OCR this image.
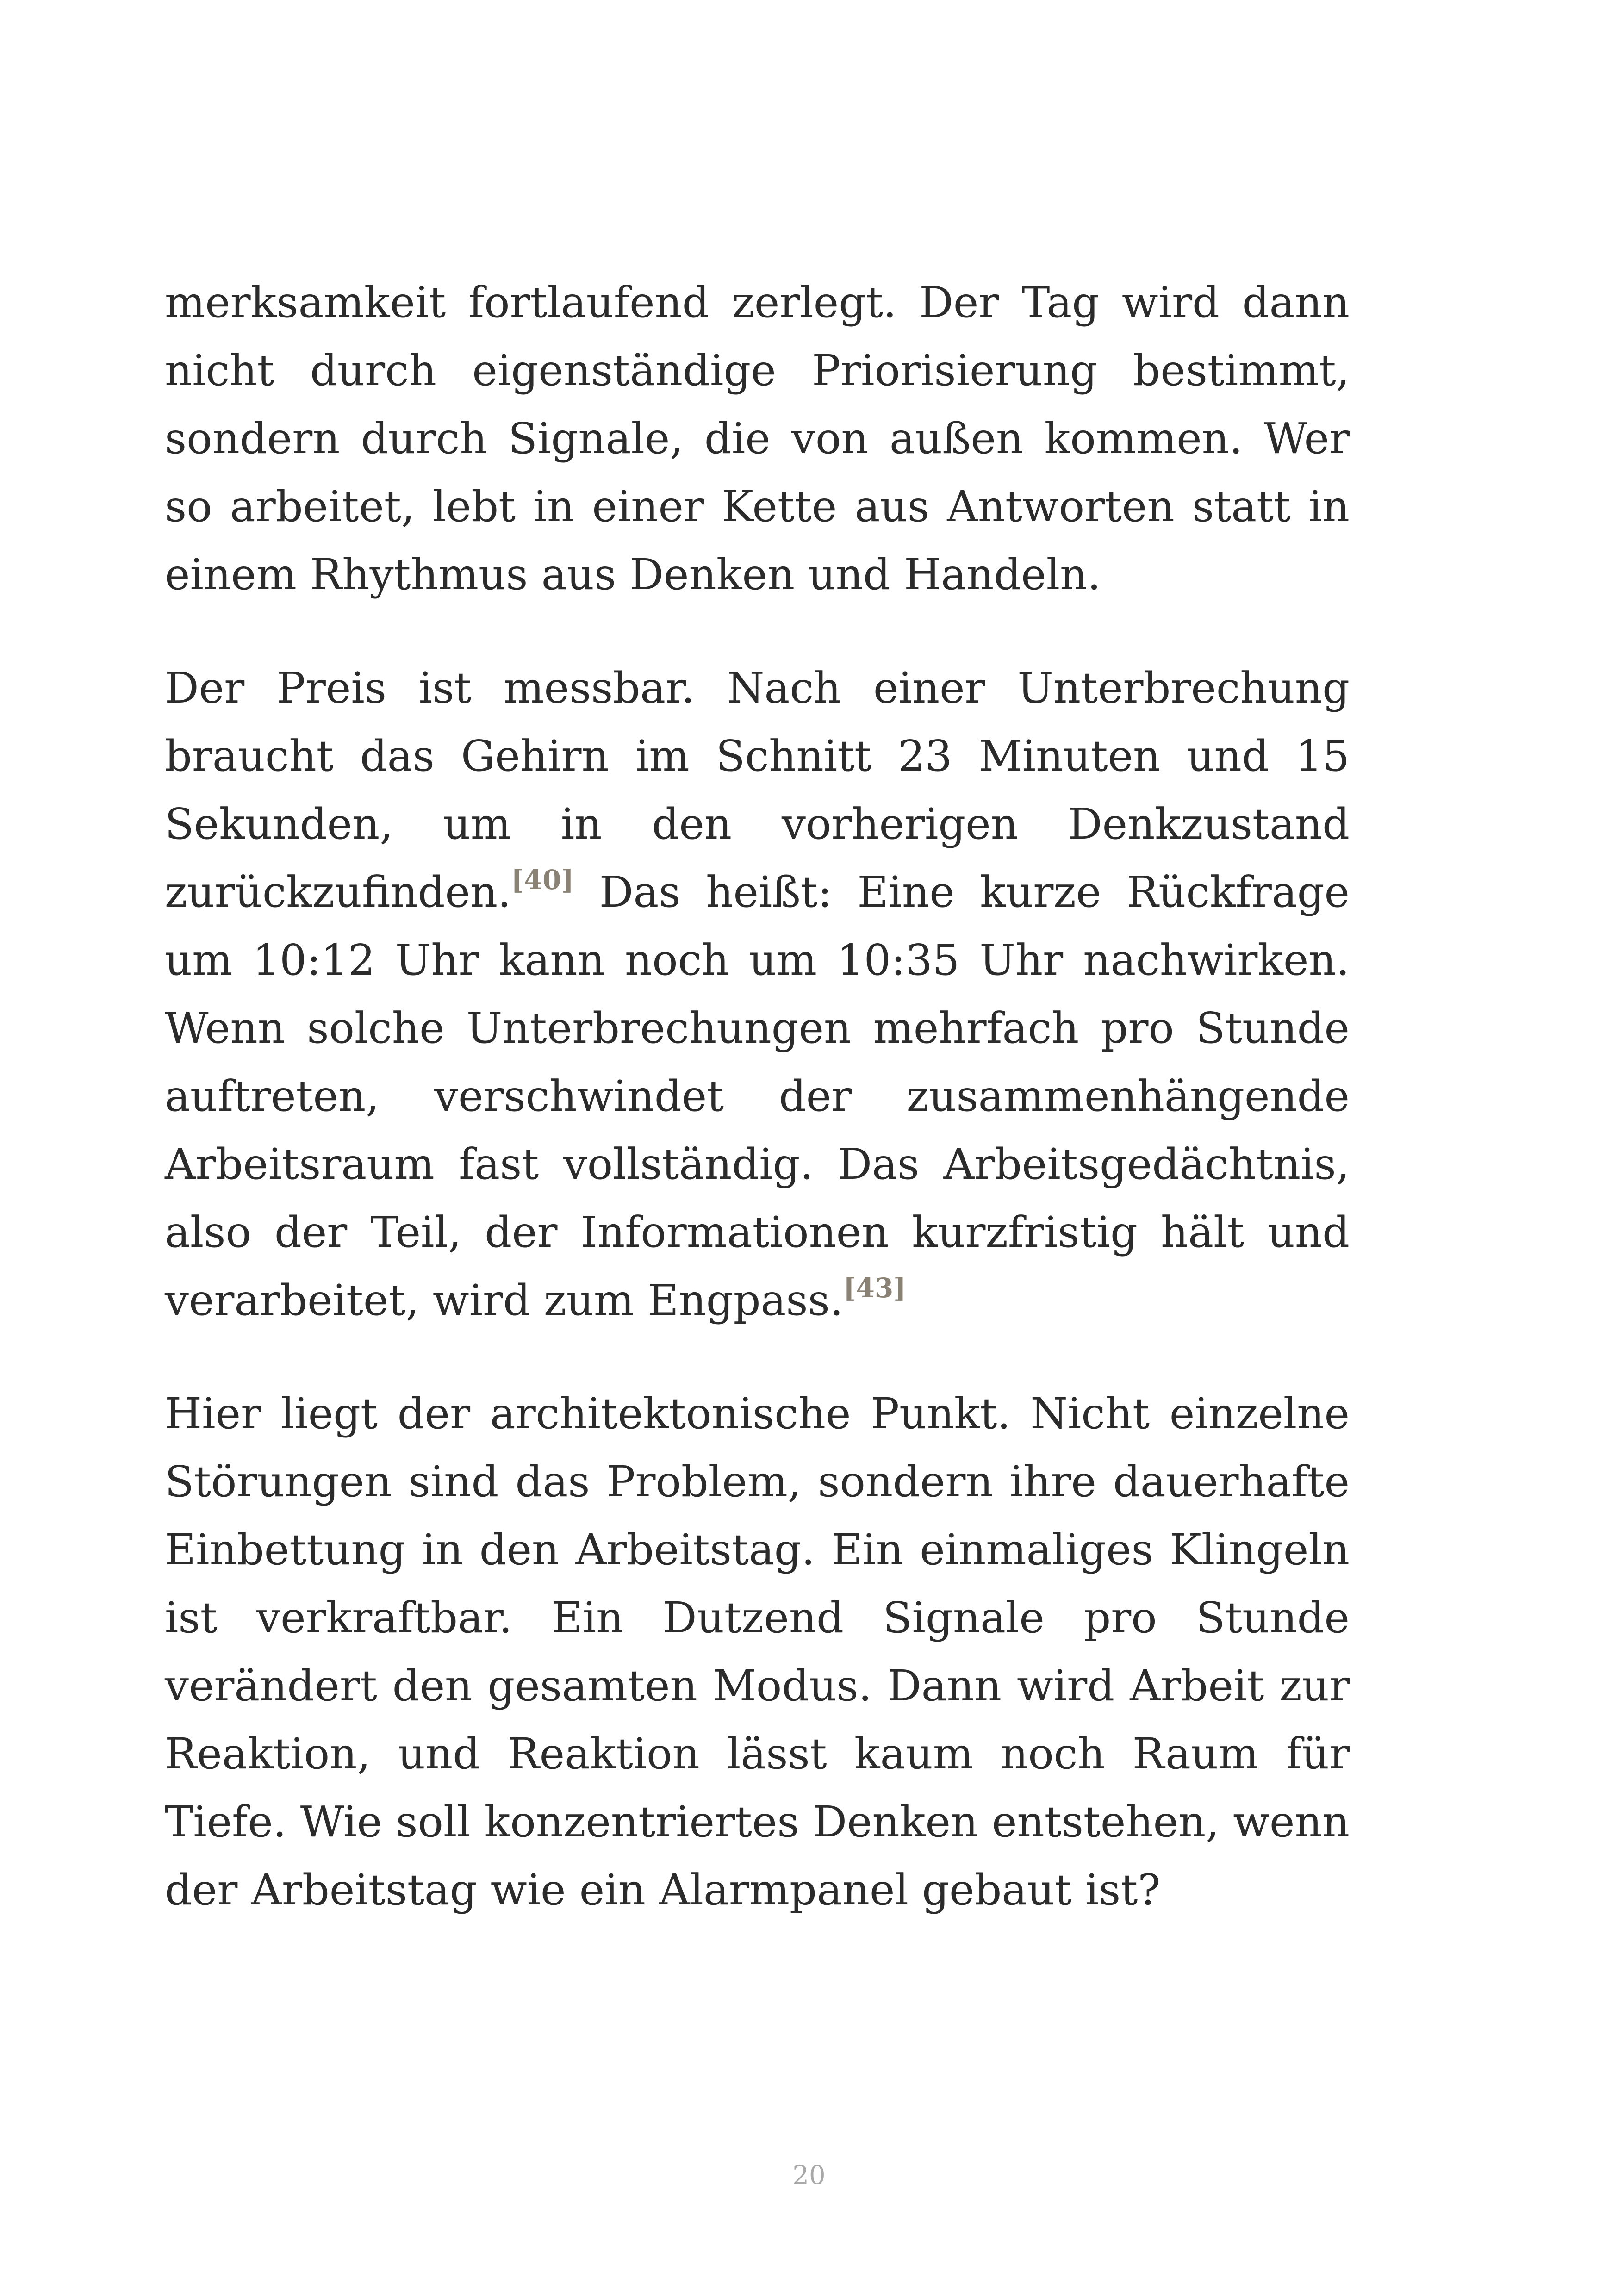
merksamkeit fortlaufend zerlegt. Der Tag wird dann nicht durch eigenständige Priorisierung bestimmt, sondern durch Signale, die von außen kommen. Wer so arbeitet, lebt in einer Kette aus Antworten statt in einem Rhythmus aus Denken und Handeln.

Der Preis ist messbar. Nach einer Unterbrechung braucht das Gehirn im Schnitt 23 Minuten und 15 Sekunden, um in den vorherigen Denkzustand zurückzufinden.[40] Das heißt: Eine kurze Rückfrage um 10:12 Uhr kann noch um 10:35 Uhr nachwirken. Wenn solche Unterbrechungen mehrfach pro Stunde auftreten, verschwindet der zusammenhängende Arbeitsraum fast vollständig. Das Arbeitsgedächtnis, also der Teil, der Informationen kurzfristig hält und verarbeitet, wird zum Engpass.[43]

Hier liegt der architektonische Punkt. Nicht einzelne Störungen sind das Problem, sondern ihre dauerhafte Einbettung in den Arbeitstag. Ein einmaliges Klingeln ist verkraftbar. Ein Dutzend Signale pro Stunde verändert den gesamten Modus. Dann wird Arbeit zur Reaktion, und Reaktion lässt kaum noch Raum für Tiefe. Wie soll konzentriertes Denken entstehen, wenn der Arbeitstag wie ein Alarmpanel gebaut ist?

20
